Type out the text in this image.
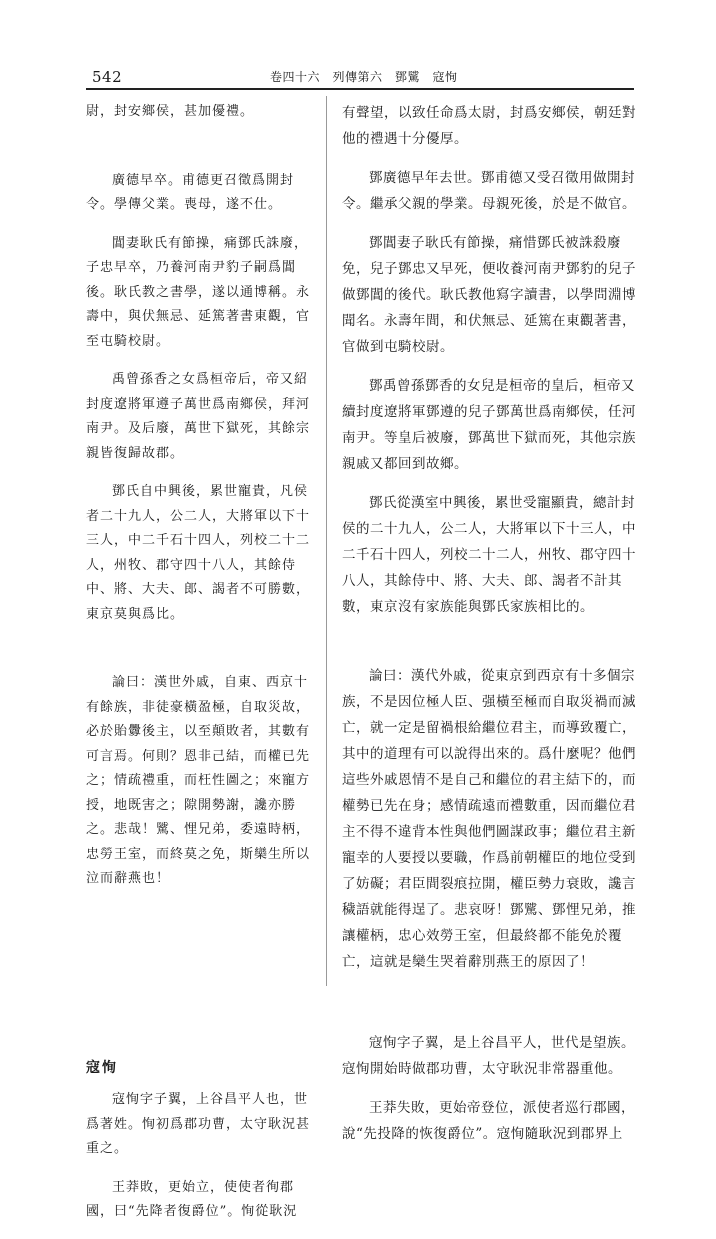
542	卷四十六　列傳第六　鄧騭　寇恂

尉，封安鄉侯，甚加優禮。

廣德早卒。甫德更召徵爲開封令。學傳父業。喪母，遂不仕。

閶妻耿氏有節操，痛鄧氏誅廢，子忠早卒，乃養河南尹豹子嗣爲閶後。耿氏教之書學，遂以通博稱。永壽中，與伏無忌、延篤著書東觀，官至屯騎校尉。

禹曾孫香之女爲桓帝后，帝又紹封度遼將軍遵子萬世爲南鄉侯，拜河南尹。及后廢，萬世下獄死，其餘宗親皆復歸故郡。

鄧氏自中興後，累世寵貴，凡侯者二十九人，公二人，大將軍以下十三人，中二千石十四人，列校二十二人，州牧、郡守四十八人，其餘侍中、將、大夫、郎、謁者不可勝數，東京莫與爲比。

論曰：漢世外戚，自東、西京十有餘族，非徒豪橫盈極，自取災故，必於貽釁後主，以至顛敗者，其數有可言焉。何則？恩非己結，而權已先之；情疏禮重，而枉性圖之；來寵方授，地既害之；隙開勢謝，讒亦勝之。悲哉！騭、悝兄弟，委遠時柄，忠勞王室，而終莫之免，斯欒生所以泣而辭燕也！

寇恂

寇恂字子翼，上谷昌平人也，世爲著姓。恂初爲郡功曹，太守耿況甚重之。

王莽敗，更始立，使使者徇郡國，曰“先降者復爵位”。恂從耿況

有聲望，以致任命爲太尉，封爲安鄉侯，朝廷對他的禮遇十分優厚。

鄧廣德早年去世。鄧甫德又受召徵用做開封令。繼承父親的學業。母親死後，於是不做官。

鄧閶妻子耿氏有節操，痛惜鄧氏被誅殺廢免，兒子鄧忠又早死，便收養河南尹鄧豹的兒子做鄧閶的後代。耿氏教他寫字讀書，以學問淵博聞名。永壽年間，和伏無忌、延篤在東觀著書，官做到屯騎校尉。

鄧禹曾孫鄧香的女兒是桓帝的皇后，桓帝又續封度遼將軍鄧遵的兒子鄧萬世爲南鄉侯，任河南尹。等皇后被廢，鄧萬世下獄而死，其他宗族親戚又都回到故鄉。

鄧氏從漢室中興後，累世受寵顯貴，總計封侯的二十九人，公二人，大將軍以下十三人，中二千石十四人，列校二十二人，州牧、郡守四十八人，其餘侍中、將、大夫、郎、謁者不計其數，東京沒有家族能與鄧氏家族相比的。

論曰：漢代外戚，從東京到西京有十多個宗族，不是因位極人臣、强橫至極而自取災禍而滅亡，就一定是留禍根給繼位君主，而導致覆亡，其中的道理有可以說得出來的。爲什麼呢？他們這些外戚恩情不是自己和繼位的君主結下的，而權勢已先在身；感情疏遠而禮數重，因而繼位君主不得不違背本性與他們圖謀政事；繼位君主新寵幸的人要授以要職，作爲前朝權臣的地位受到了妨礙；君臣間裂痕拉開，權臣勢力衰敗，讒言穢語就能得逞了。悲哀呀！鄧騭、鄧悝兄弟，推讓權柄，忠心效勞王室，但最終都不能免於覆亡，這就是欒生哭着辭別燕王的原因了！

寇恂字子翼，是上谷昌平人，世代是望族。寇恂開始時做郡功曹，太守耿況非常器重他。

王莽失敗，更始帝登位，派使者巡行郡國，說“先投降的恢復爵位”。寇恂隨耿況到郡界上
